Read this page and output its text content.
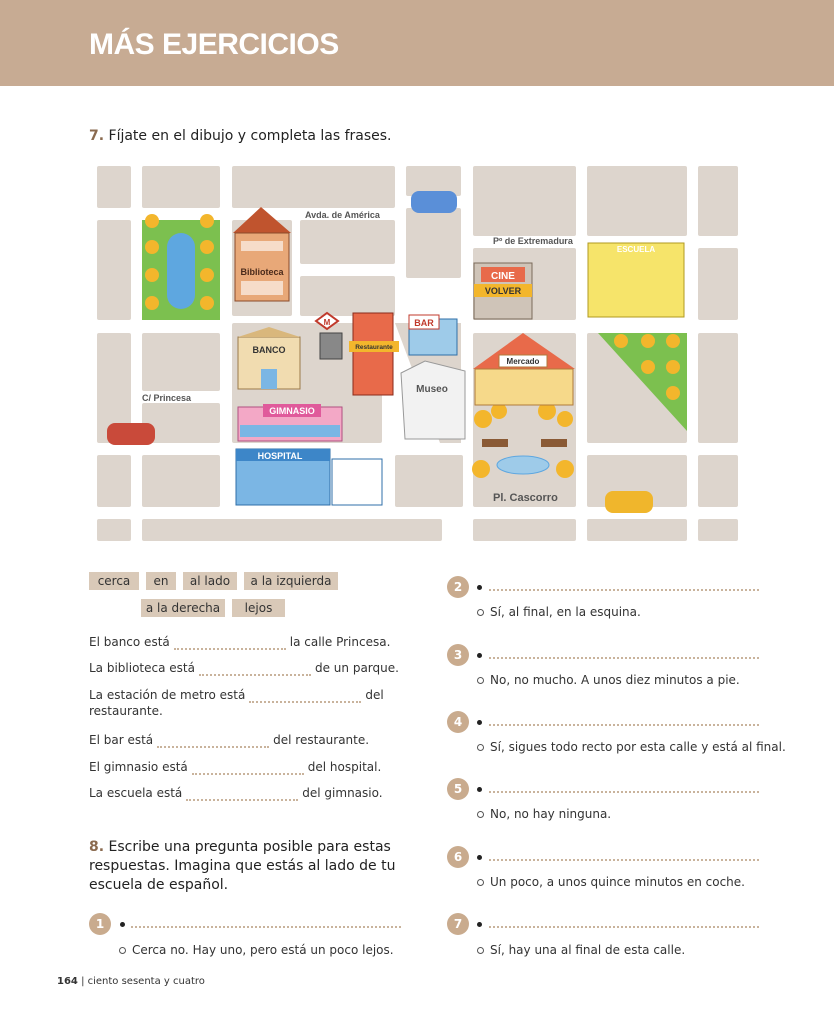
MÁS EJERCICIOS
7. Fíjate en el dibujo y completa las frases.
Biblioteca
BANCO
GIMNASIO
HOSPITAL
M
Restaurante
BAR
Museo
CINE
VOLVER
ESCUELA
Mercado
Avda. de América
Pº de Extremadura
C/ Princesa
Pl. Cascorro
cerca	en	al lado	a la izquierda
a la derecha	lejos
El banco está	la calle Princesa.
La biblioteca está	de un parque.
La estación de metro está	del
restaurante.
El bar está	del restaurante.
El gimnasio está	del hospital.
La escuela está	del gimnasio.
8. Escribe una pregunta posible para estas respuestas. Imagina que estás al lado de tu escuela de español.
1
Cerca no. Hay uno, pero está un poco lejos.
2
Sí, al final, en la esquina.
3
No, no mucho. A unos diez minutos a pie.
4
Sí, sigues todo recto por esta calle y está al final.
5
No, no hay ninguna.
6
Un poco, a unos quince minutos en coche.
7
Sí, hay una al final de esta calle.
164 | ciento sesenta y cuatro
